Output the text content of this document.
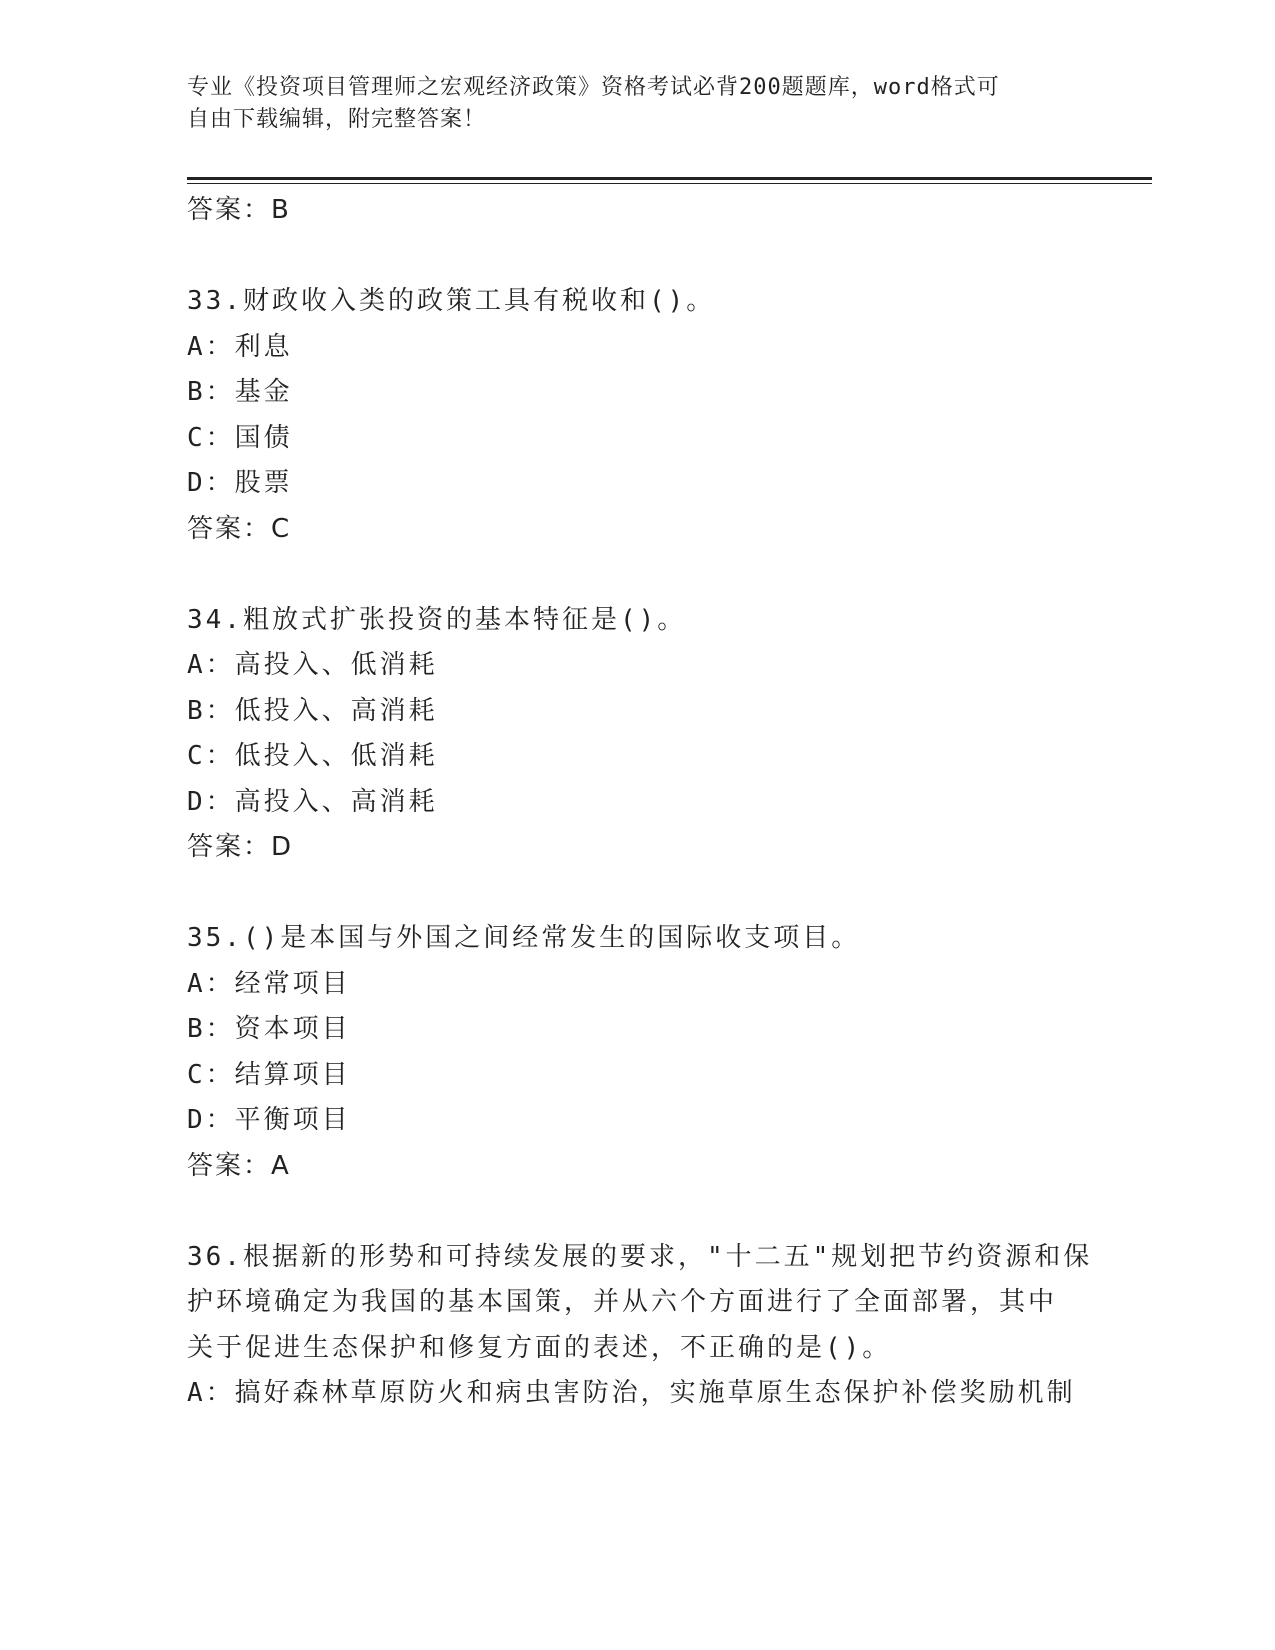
专业《投资项目管理师之宏观经济政策》资格考试必背200题题库，word格式可
自由下载编辑，附完整答案！
答案：B
33.财政收入类的政策工具有税收和()。
A：利息
B：基金
C：国债
D：股票
答案：C
34.粗放式扩张投资的基本特征是()。
A：高投入、低消耗
B：低投入、高消耗
C：低投入、低消耗
D：高投入、高消耗
答案：D
35.()是本国与外国之间经常发生的国际收支项目。
A：经常项目
B：资本项目
C：结算项目
D：平衡项目
答案：A
36.根据新的形势和可持续发展的要求，"十二五"规划把节约资源和保
护环境确定为我国的基本国策，并从六个方面进行了全面部署，其中
关于促进生态保护和修复方面的表述，不正确的是()。
A：搞好森林草原防火和病虫害防治，实施草原生态保护补偿奖励机制
